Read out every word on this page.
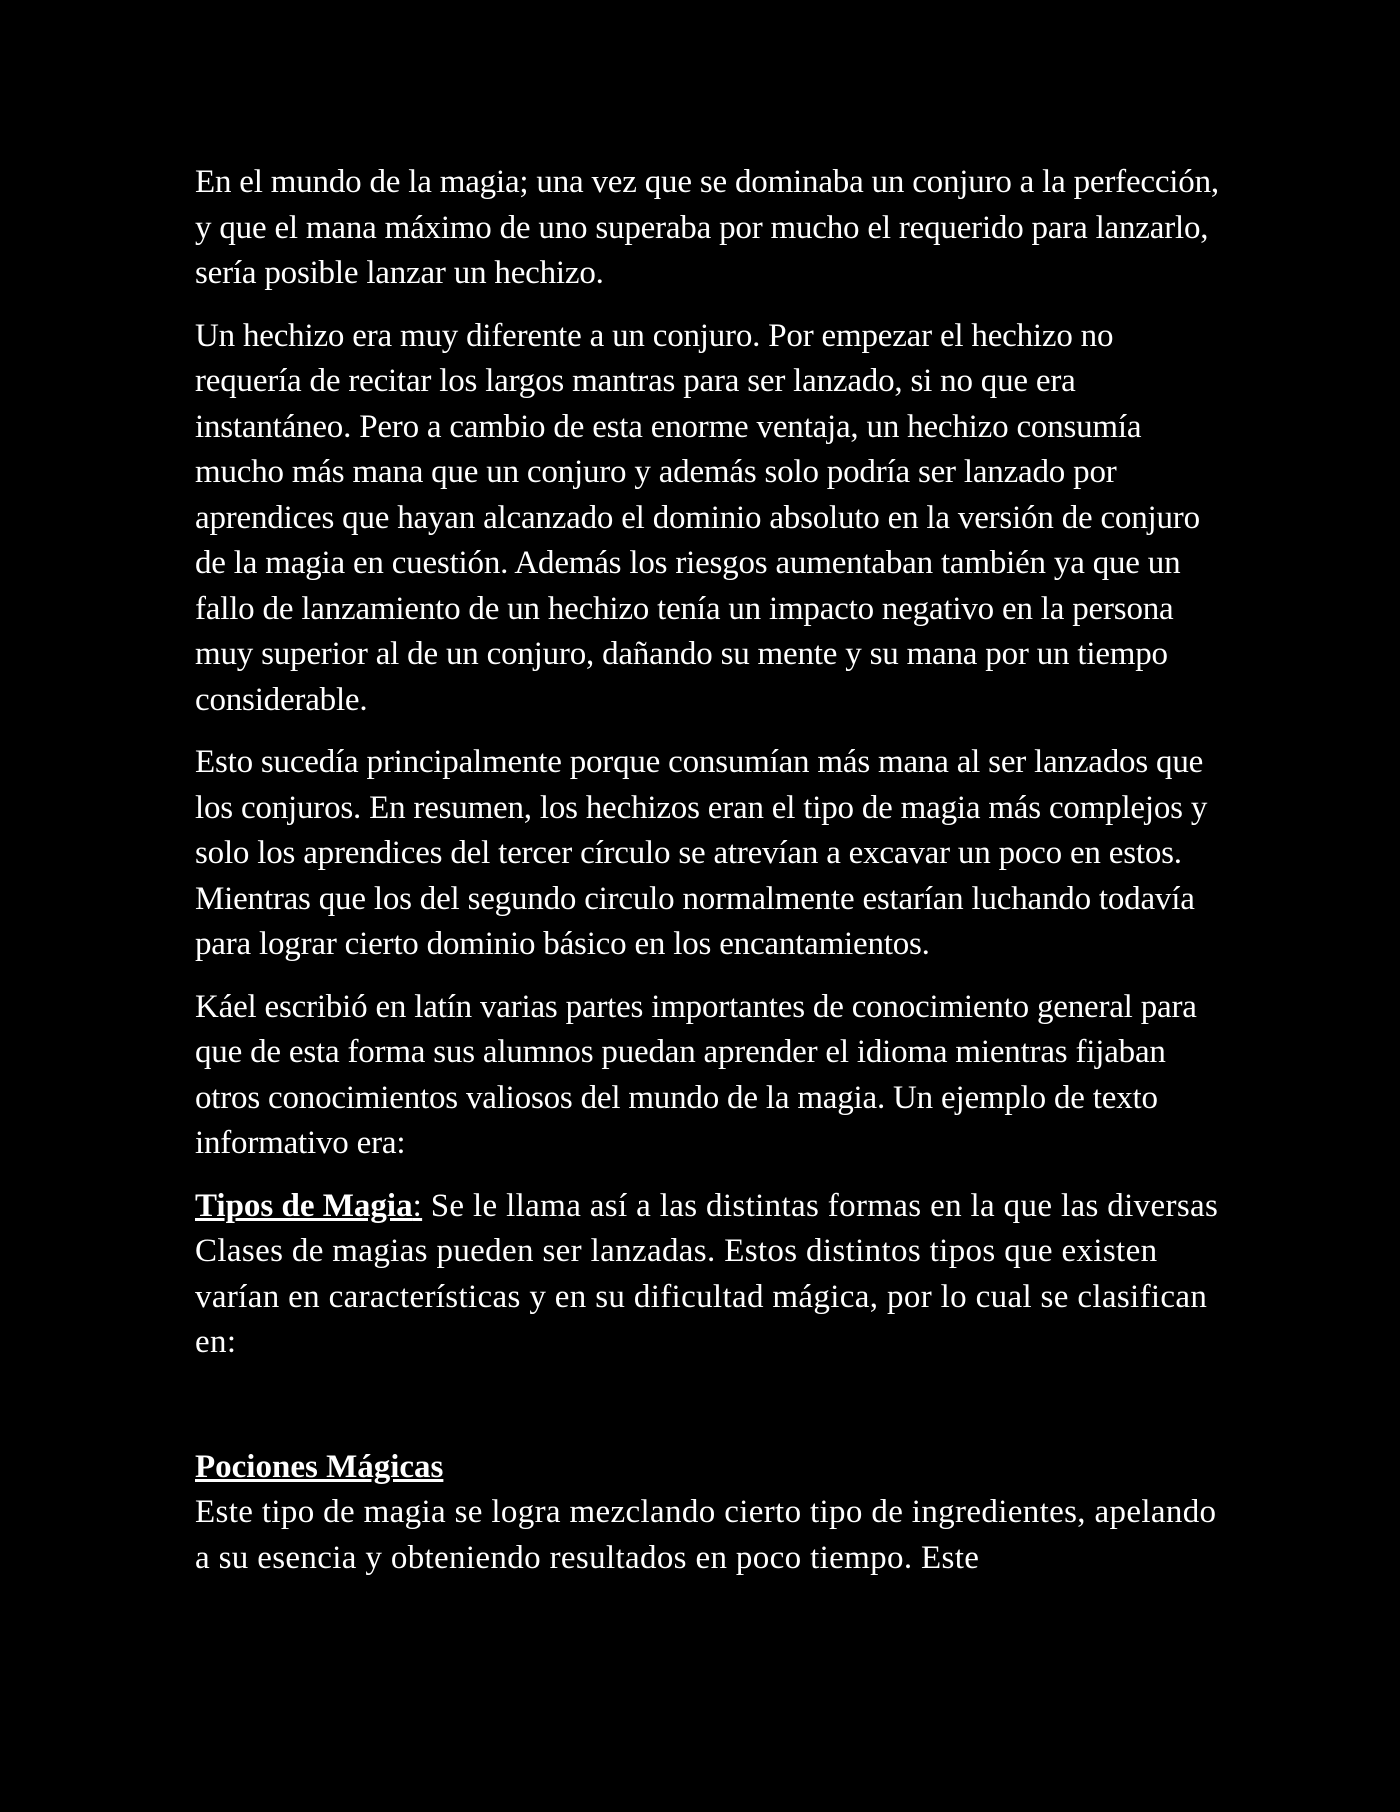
En el mundo de la magia; una vez que se dominaba un conjuro a la perfección, y que el mana máximo de uno superaba por mucho el requerido para lanzarlo, sería posible lanzar un hechizo.

Un hechizo era muy diferente a un conjuro. Por empezar el hechizo no requería de recitar los largos mantras para ser lanzado, si no que era instantáneo. Pero a cambio de esta enorme ventaja, un hechizo consumía mucho más mana que un conjuro y además solo podría ser lanzado por aprendices que hayan alcanzado el dominio absoluto en la versión de conjuro de la magia en cuestión. Además los riesgos aumentaban también ya que un fallo de lanzamiento de un hechizo tenía un impacto negativo en la persona muy superior al de un conjuro, dañando su mente y su mana por un tiempo considerable.

Esto sucedía principalmente porque consumían más mana al ser lanzados que los conjuros. En resumen, los hechizos eran el tipo de magia más complejos y solo los aprendices del tercer círculo se atrevían a excavar un poco en estos. Mientras que los del segundo circulo normalmente estarían luchando todavía para lograr cierto dominio básico en los encantamientos.

Káel escribió en latín varias partes importantes de conocimiento general para que de esta forma sus alumnos puedan aprender el idioma mientras fijaban otros conocimientos valiosos del mundo de la magia. Un ejemplo de texto informativo era:

Tipos de Magia: Se le llama así a las distintas formas en la que las diversas Clases de magias pueden ser lanzadas. Estos distintos tipos que existen varían en características y en su dificultad mágica, por lo cual se clasifican en:

Pociones Mágicas

Este tipo de magia se logra mezclando cierto tipo de ingredientes, apelando a su esencia y obteniendo resultados en poco tiempo. Este
